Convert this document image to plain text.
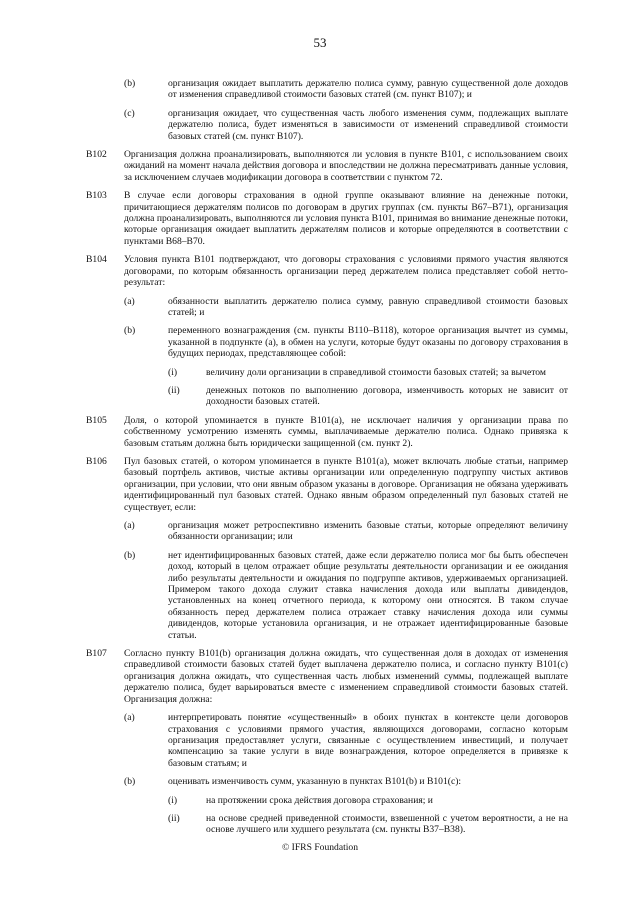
53
(b)	организация ожидает выплатить держателю полиса сумму, равную существенной доле доходов от изменения справедливой стоимости базовых статей (см. пункт B107); и
(c)	организация ожидает, что существенная часть любого изменения сумм, подлежащих выплате держателю полиса, будет изменяться в зависимости от изменений справедливой стоимости базовых статей (см. пункт B107).
B102 Организация должна проанализировать, выполняются ли условия в пункте B101, с использованием своих ожиданий на момент начала действия договора и впоследствии не должна пересматривать данные условия, за исключением случаев модификации договора в соответствии с пунктом 72.
B103 В случае если договоры страхования в одной группе оказывают влияние на денежные потоки, причитающиеся держателям полисов по договорам в других группах (см. пункты B67–B71), организация должна проанализировать, выполняются ли условия пункта B101, принимая во внимание денежные потоки, которые организация ожидает выплатить держателям полисов и которые определяются в соответствии с пунктами B68–B70.
B104 Условия пункта B101 подтверждают, что договоры страхования с условиями прямого участия являются договорами, по которым обязанность организации перед держателем полиса представляет собой нетто-результат:
(a)	обязанности выплатить держателю полиса сумму, равную справедливой стоимости базовых статей; и
(b)	переменного вознаграждения (см. пункты B110–B118), которое организация вычтет из суммы, указанной в подпункте (a), в обмен на услуги, которые будут оказаны по договору страхования в будущих периодах, представляющее собой:
(i)	величину доли организации в справедливой стоимости базовых статей; за вычетом
(ii)	денежных потоков по выполнению договора, изменчивость которых не зависит от доходности базовых статей.
B105 Доля, о которой упоминается в пункте B101(a), не исключает наличия у организации права по собственному усмотрению изменять суммы, выплачиваемые держателю полиса. Однако привязка к базовым статьям должна быть юридически защищенной (см. пункт 2).
B106 Пул базовых статей, о котором упоминается в пункте B101(a), может включать любые статьи, например базовый портфель активов, чистые активы организации или определенную подгруппу чистых активов организации, при условии, что они явным образом указаны в договоре. Организация не обязана удерживать идентифицированный пул базовых статей. Однако явным образом определенный пул базовых статей не существует, если:
(a)	организация может ретроспективно изменить базовые статьи, которые определяют величину обязанности организации; или
(b)	нет идентифицированных базовых статей, даже если держателю полиса мог бы быть обеспечен доход, который в целом отражает общие результаты деятельности организации и ее ожидания либо результаты деятельности и ожидания по подгруппе активов, удерживаемых организацией. Примером такого дохода служит ставка начисления дохода или выплаты дивидендов, установленных на конец отчетного периода, к которому они относятся. В таком случае обязанность перед держателем полиса отражает ставку начисления дохода или суммы дивидендов, которые установила организация, и не отражает идентифицированные базовые статьи.
B107 Согласно пункту B101(b) организация должна ожидать, что существенная доля в доходах от изменения справедливой стоимости базовых статей будет выплачена держателю полиса, и согласно пункту B101(c) организация должна ожидать, что существенная часть любых изменений суммы, подлежащей выплате держателю полиса, будет варьироваться вместе с изменением справедливой стоимости базовых статей. Организация должна:
(a)	интерпретировать понятие «существенный» в обоих пунктах в контексте цели договоров страхования с условиями прямого участия, являющихся договорами, согласно которым организация предоставляет услуги, связанные с осуществлением инвестиций, и получает компенсацию за такие услуги в виде вознаграждения, которое определяется в привязке к базовым статьям; и
(b)	оценивать изменчивость сумм, указанную в пунктах B101(b) и B101(c):
(i)	на протяжении срока действия договора страхования; и
(ii)	на основе средней приведенной стоимости, взвешенной с учетом вероятности, а не на основе лучшего или худшего результата (см. пункты B37–B38).
© IFRS Foundation
